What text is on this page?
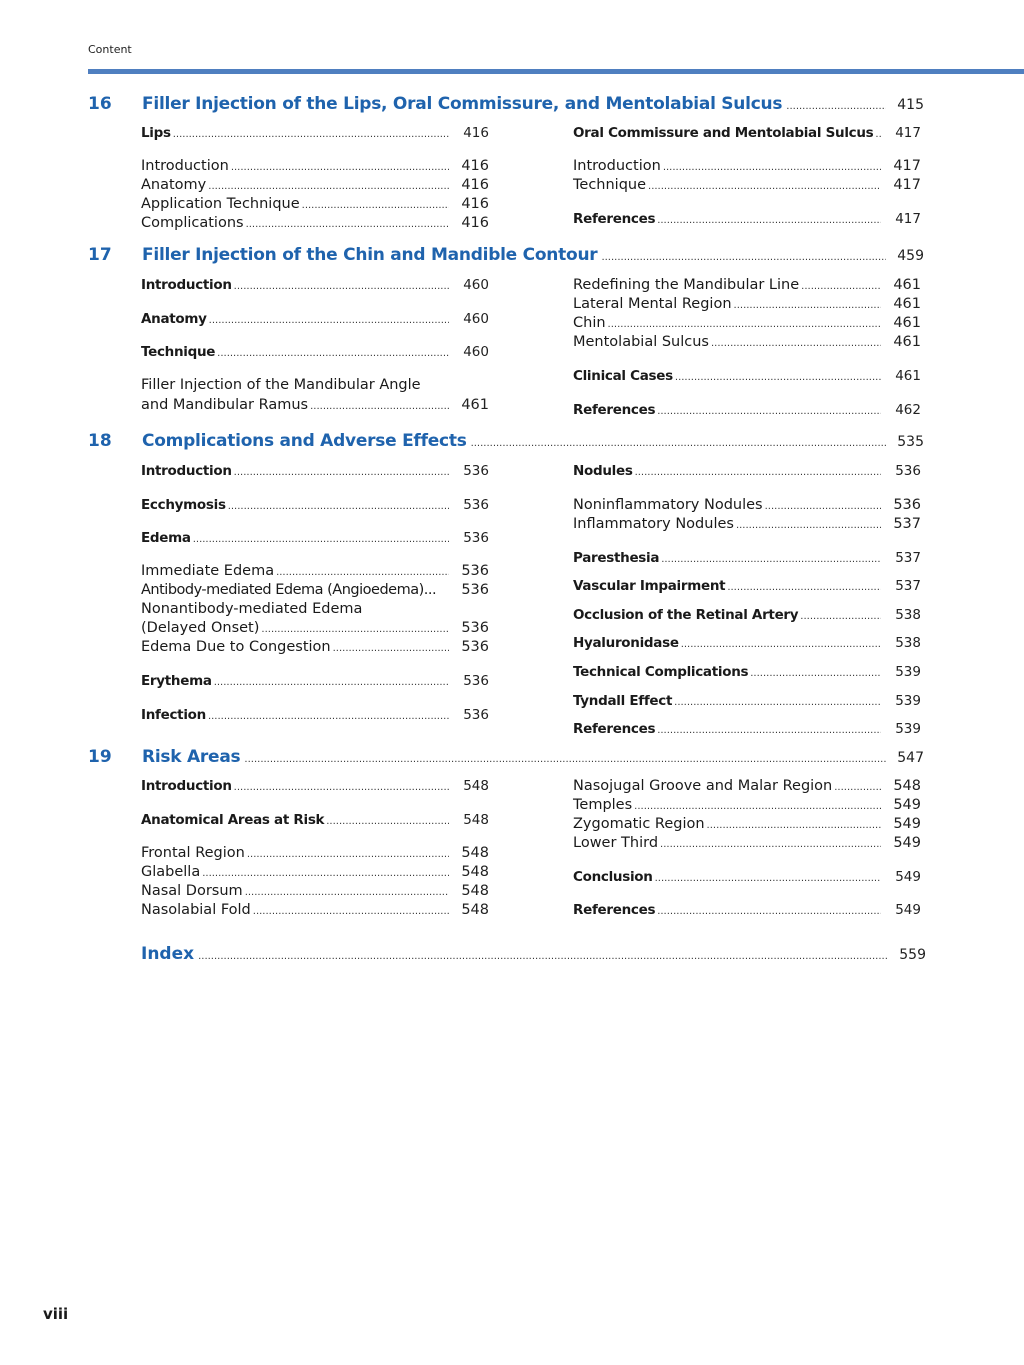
Content
16	Filler Injection of the Lips, Oral Commissure, and Mentolabial Sulcus .....	415
Lips .....	416
Introduction .....	416
Anatomy .....	416
Application Technique .....	416
Complications .....	416
Oral Commissure and Mentolabial Sulcus .....	417
Introduction .....	417
Technique .....	417
References .....	417
17	Filler Injection of the Chin and Mandible Contour .....	459
Introduction .....	460
Anatomy .....	460
Technique .....	460
Filler Injection of the Mandibular Angle
and Mandibular Ramus .....	461
Redefining the Mandibular Line .....	461
Lateral Mental Region .....	461
Chin .....	461
Mentolabial Sulcus .....	461
Clinical Cases .....	461
References .....	462
18	Complications and Adverse Effects .....	535
Introduction .....	536
Ecchymosis .....	536
Edema .....	536
Immediate Edema .....	536
Antibody-mediated Edema (Angioedema)...	536
Nonantibody-mediated Edema
(Delayed Onset) .....	536
Edema Due to Congestion .....	536
Erythema .....	536
Infection .....	536
Nodules .....	536
Noninflammatory Nodules .....	536
Inflammatory Nodules .....	537
Paresthesia .....	537
Vascular Impairment .....	537
Occlusion of the Retinal Artery .....	538
Hyaluronidase .....	538
Technical Complications .....	539
Tyndall Effect .....	539
References .....	539
19	Risk Areas .....	547
Introduction .....	548
Anatomical Areas at Risk .....	548
Frontal Region .....	548
Glabella .....	548
Nasal Dorsum .....	548
Nasolabial Fold .....	548
Nasojugal Groove and Malar Region .....	548
Temples .....	549
Zygomatic Region .....	549
Lower Third .....	549
Conclusion .....	549
References .....	549
Index .....	559
viii
